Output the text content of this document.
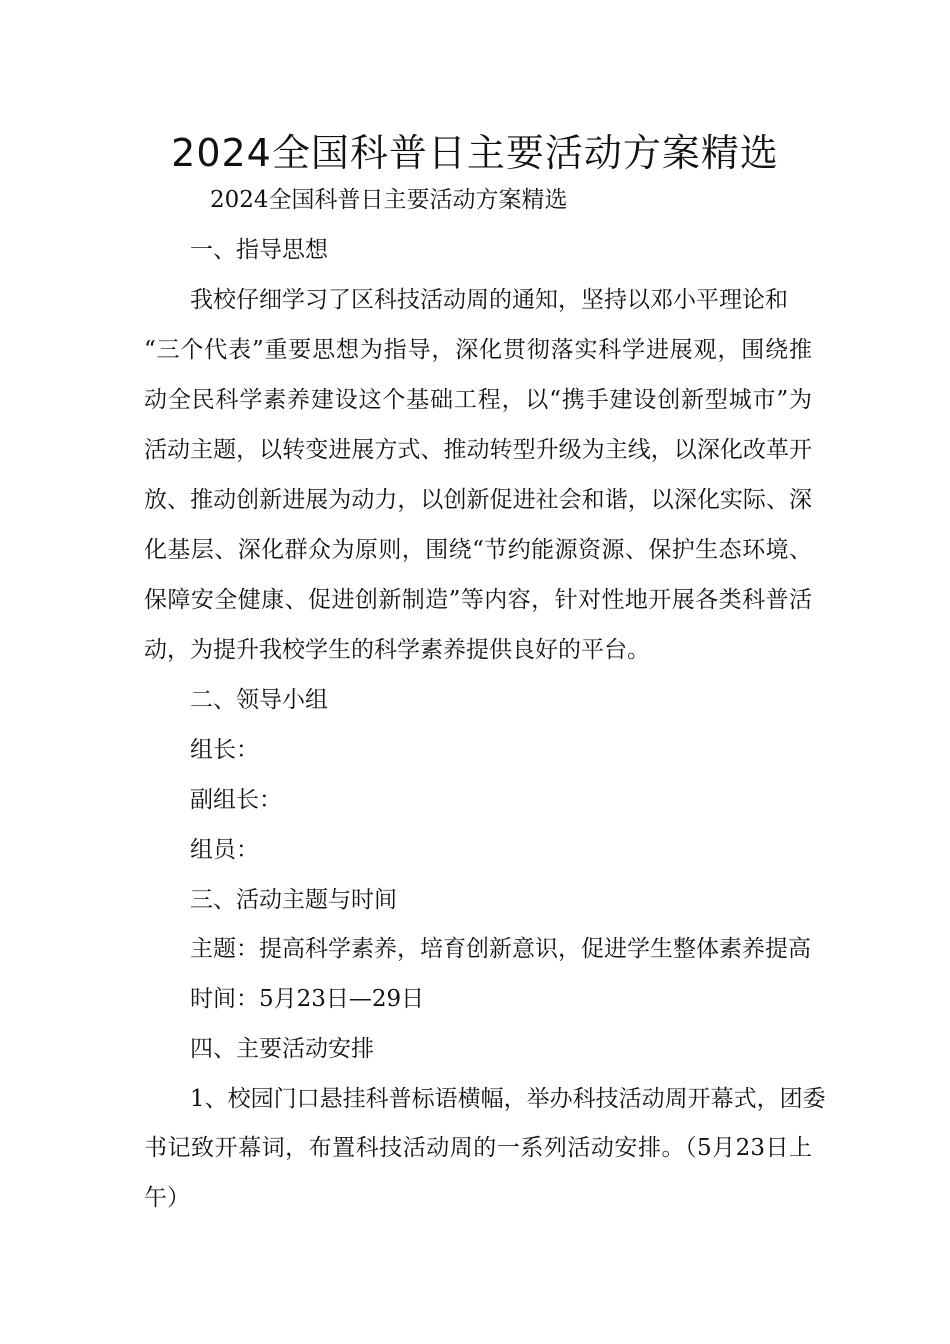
2024全国科普日主要活动方案精选
2024全国科普日主要活动方案精选
一、指导思想
我校仔细学习了区科技活动周的通知，坚持以邓小平理论和
“三个代表”重要思想为指导，深化贯彻落实科学进展观，围绕推
动全民科学素养建设这个基础工程，以“携手建设创新型城市”为
活动主题，以转变进展方式、推动转型升级为主线，以深化改革开
放、推动创新进展为动力，以创新促进社会和谐，以深化实际、深
化基层、深化群众为原则，围绕“节约能源资源、保护生态环境、
保障安全健康、促进创新制造”等内容，针对性地开展各类科普活
动，为提升我校学生的科学素养提供良好的平台。
二、领导小组
组长：
副组长：
组员：
三、活动主题与时间
主题：提高科学素养，培育创新意识，促进学生整体素养提高
时间：5月23日—29日
四、主要活动安排
1、校园门口悬挂科普标语横幅，举办科技活动周开幕式，团委
书记致开幕词，布置科技活动周的一系列活动安排。（5月23日上
午）
